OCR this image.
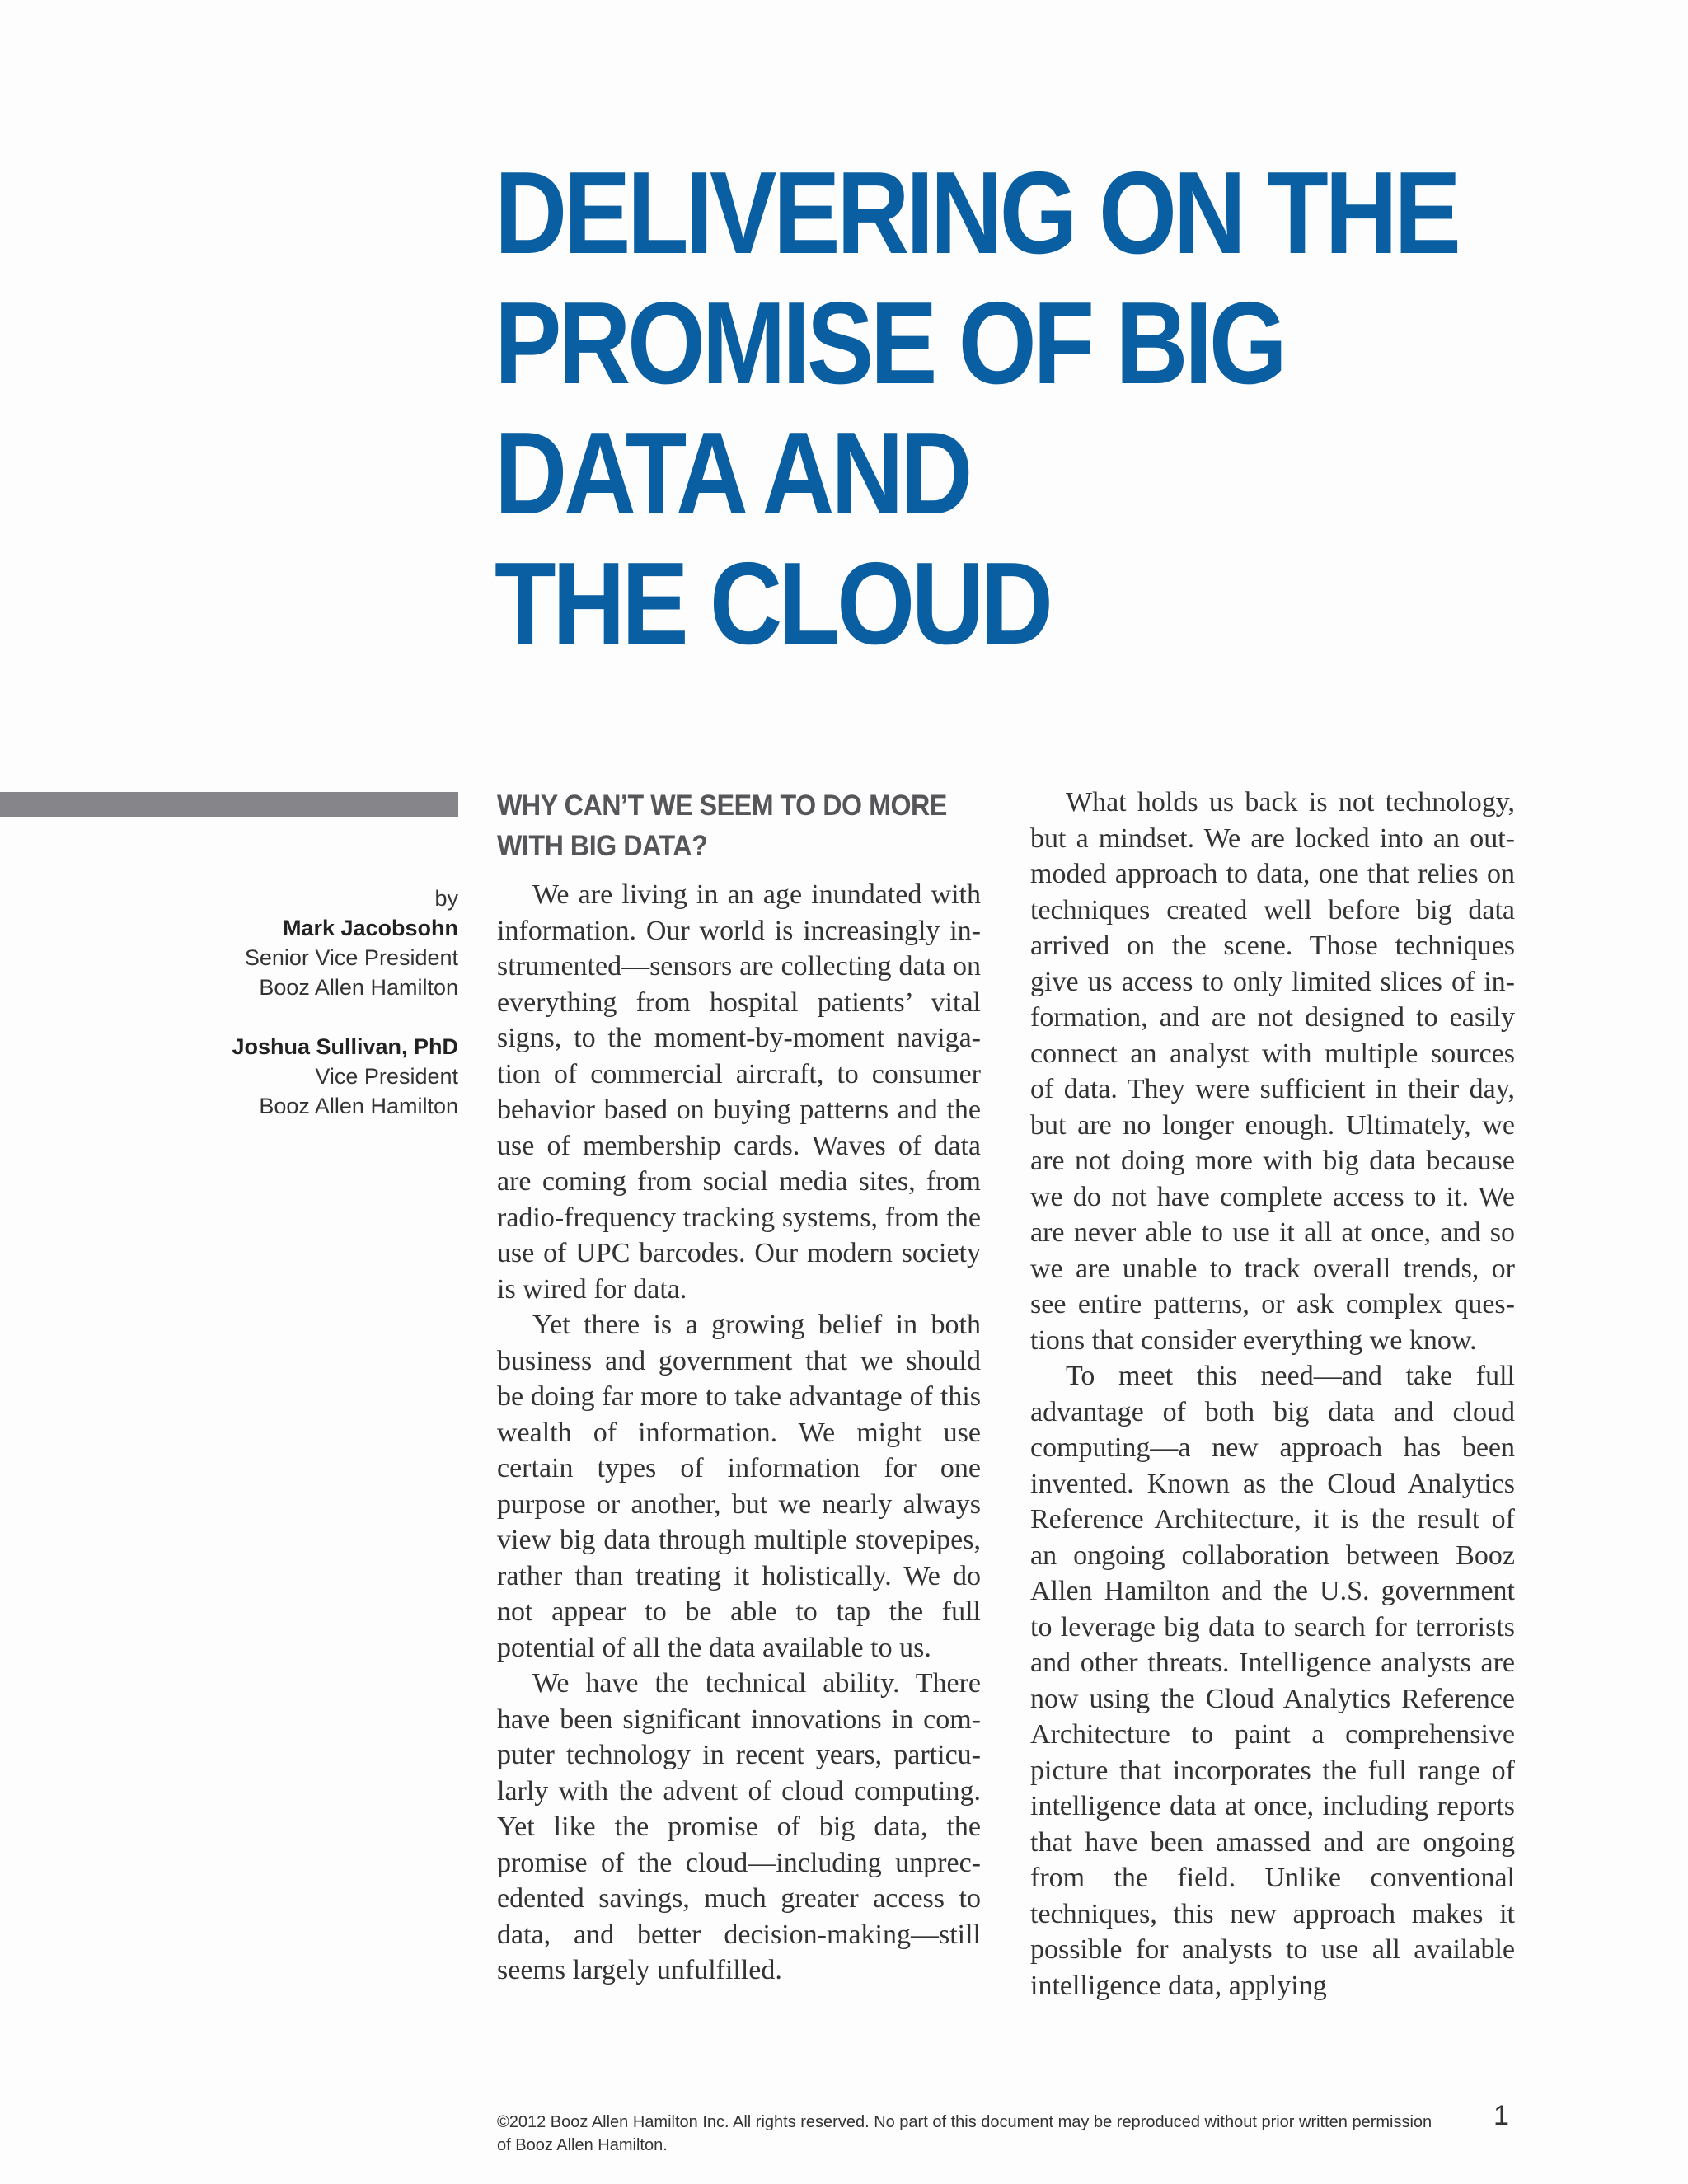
DELIVERING ON THE
PROMISE OF BIG
DATA AND
THE CLOUD
by
Mark Jacobsohn
Senior Vice President
Booz Allen Hamilton
Joshua Sullivan, PhD
Vice President
Booz Allen Hamilton
WHY CAN’T WE SEEM TO DO MORE WITH BIG DATA?

We are living in an age inundated with information. Our world is increasingly instrumented—sensors are collecting data on everything from hospital patients’ vital signs, to the moment-by-moment navigation of commercial aircraft, to consumer behavior based on buying patterns and the use of membership cards. Waves of data are coming from social media sites, from radio-frequency tracking systems, from the use of UPC barcodes. Our modern society is wired for data.

Yet there is a growing belief in both business and government that we should be doing far more to take advantage of this wealth of information. We might use certain types of information for one purpose or another, but we nearly always view big data through multiple stovepipes, rather than treating it holistically. We do not appear to be able to tap the full potential of all the data available to us.

We have the technical ability. There have been significant innovations in computer technology in recent years, particularly with the advent of cloud computing. Yet like the promise of big data, the promise of the cloud—including unprecedented savings, much greater access to data, and better decision-making—still seems largely unfulfilled.

What holds us back is not technology, but a mindset. We are locked into an outmoded approach to data, one that relies on techniques created well before big data arrived on the scene. Those techniques give us access to only limited slices of information, and are not designed to easily connect an analyst with multiple sources of data. They were sufficient in their day, but are no longer enough. Ultimately, we are not doing more with big data because we do not have complete access to it. We are never able to use it all at once, and so we are unable to track overall trends, or see entire patterns, or ask complex questions that consider everything we know.

To meet this need—and take full advantage of both big data and cloud computing—a new approach has been invented. Known as the Cloud Analytics Reference Architecture, it is the result of an ongoing collaboration between Booz Allen Hamilton and the U.S. government to leverage big data to search for terrorists and other threats. Intelligence analysts are now using the Cloud Analytics Reference Architecture to paint a comprehensive picture that incorporates the full range of intelligence data at once, including reports that have been amassed and are ongoing from the field. Unlike conventional techniques, this new approach makes it possible for analysts to use all available intelligence data, applying

©2012 Booz Allen Hamilton Inc. All rights reserved. No part of this document may be reproduced without prior written permission of Booz Allen Hamilton.
1
